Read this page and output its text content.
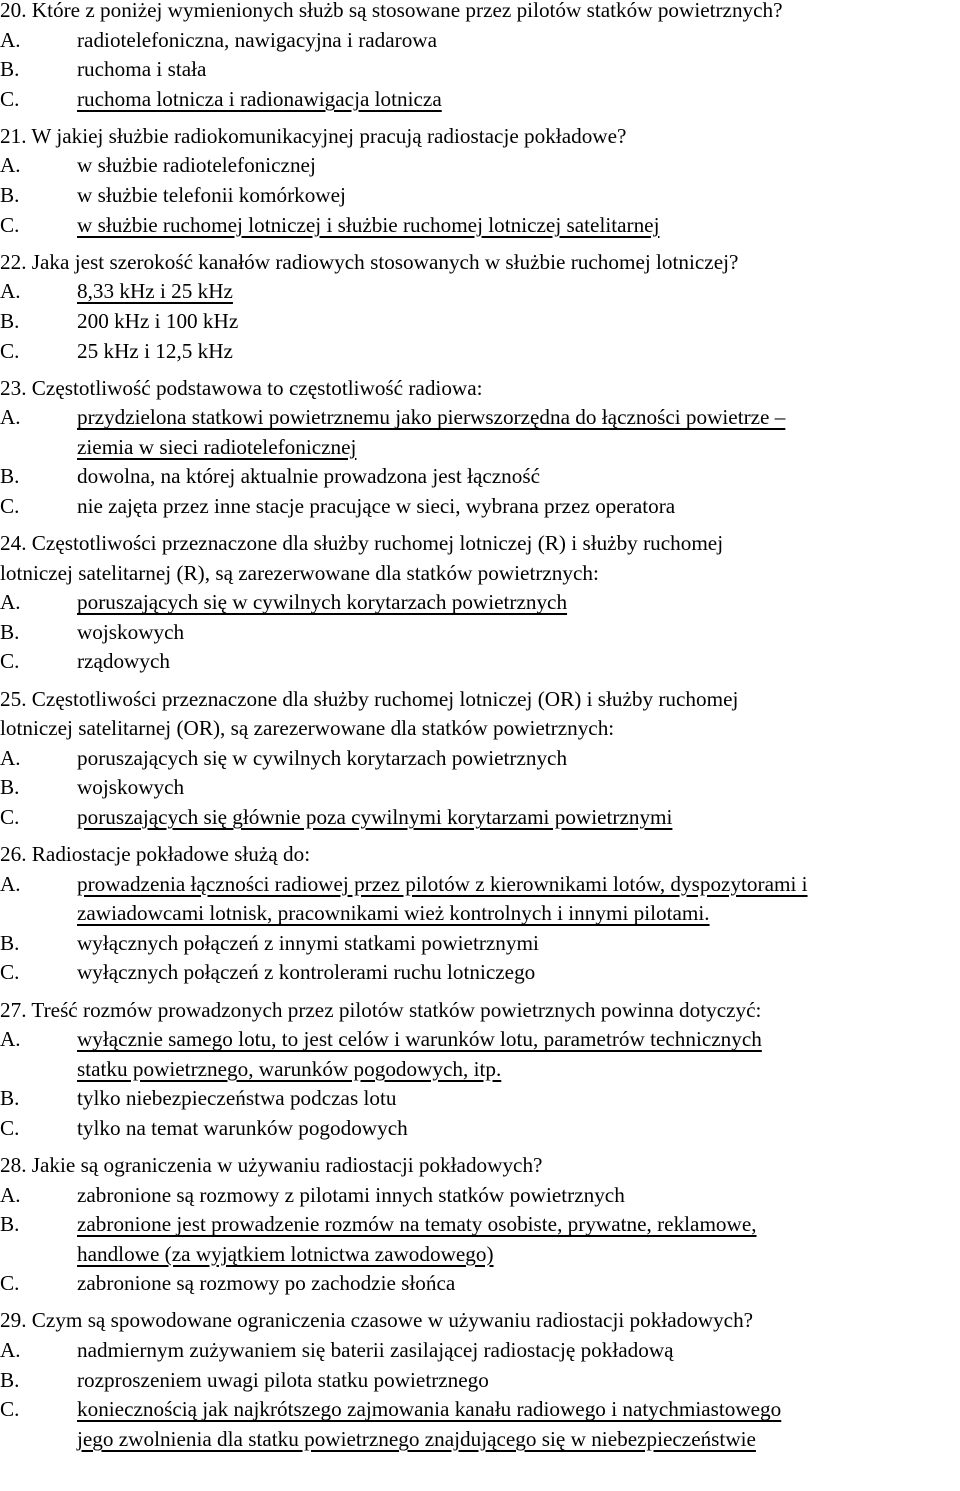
20. Które z poniżej wymienionych służb są stosowane przez pilotów statków powietrznych?
A.	radiotelefoniczna, nawigacyjna i radarowa
B.	ruchoma i stała
C.	ruchoma lotnicza i radionawigacja lotnicza
21. W jakiej służbie radiokomunikacyjnej pracują radiostacje pokładowe?
A.	w służbie radiotelefonicznej
B.	w służbie telefonii komórkowej
C.	w służbie ruchomej lotniczej i służbie ruchomej lotniczej satelitarnej
22. Jaka jest szerokość kanałów radiowych stosowanych w służbie ruchomej lotniczej?
A.	8,33 kHz i 25 kHz
B.	200 kHz i 100 kHz
C.	25 kHz i 12,5 kHz
23. Częstotliwość podstawowa to częstotliwość radiowa:
A.	przydzielona statkowi powietrznemu jako pierwszorzędna do łączności powietrze –
ziemia w sieci radiotelefonicznej
B.	dowolna, na której aktualnie prowadzona jest łączność
C.	nie zajęta przez inne stacje pracujące w sieci, wybrana przez operatora
24. Częstotliwości przeznaczone dla służby ruchomej lotniczej (R) i służby ruchomej
lotniczej satelitarnej (R), są zarezerwowane dla statków powietrznych:
A.	poruszających się w cywilnych korytarzach powietrznych
B.	wojskowych
C.	rządowych
25. Częstotliwości przeznaczone dla służby ruchomej lotniczej (OR) i służby ruchomej
lotniczej satelitarnej (OR), są zarezerwowane dla statków powietrznych:
A.	poruszających się w cywilnych korytarzach powietrznych
B.	wojskowych
C.	poruszających się głównie poza cywilnymi korytarzami powietrznymi
26. Radiostacje pokładowe służą do:
A.	prowadzenia łączności radiowej przez pilotów z kierownikami lotów, dyspozytorami i
zawiadowcami lotnisk, pracownikami wież kontrolnych i innymi pilotami.
B.	wyłącznych połączeń z innymi statkami powietrznymi
C.	wyłącznych połączeń z kontrolerami ruchu lotniczego
27. Treść rozmów prowadzonych przez pilotów statków powietrznych powinna dotyczyć:
A.	wyłącznie samego lotu, to jest celów i warunków lotu, parametrów technicznych
statku powietrznego, warunków pogodowych, itp.
B.	tylko niebezpieczeństwa podczas lotu
C.	tylko na temat warunków pogodowych
28. Jakie są ograniczenia w używaniu radiostacji pokładowych?
A.	zabronione są rozmowy z pilotami innych statków powietrznych
B.	zabronione jest prowadzenie rozmów na tematy osobiste, prywatne, reklamowe,
handlowe (za wyjątkiem lotnictwa zawodowego)
C.	zabronione są rozmowy po zachodzie słońca
29. Czym są spowodowane ograniczenia czasowe w używaniu radiostacji pokładowych?
A.	nadmiernym zużywaniem się baterii zasilającej radiostację pokładową
B.	rozproszeniem uwagi pilota statku powietrznego
C.	koniecznością jak najkrótszego zajmowania kanału radiowego i natychmiastowego
jego zwolnienia dla statku powietrznego znajdującego się w niebezpieczeństwie
